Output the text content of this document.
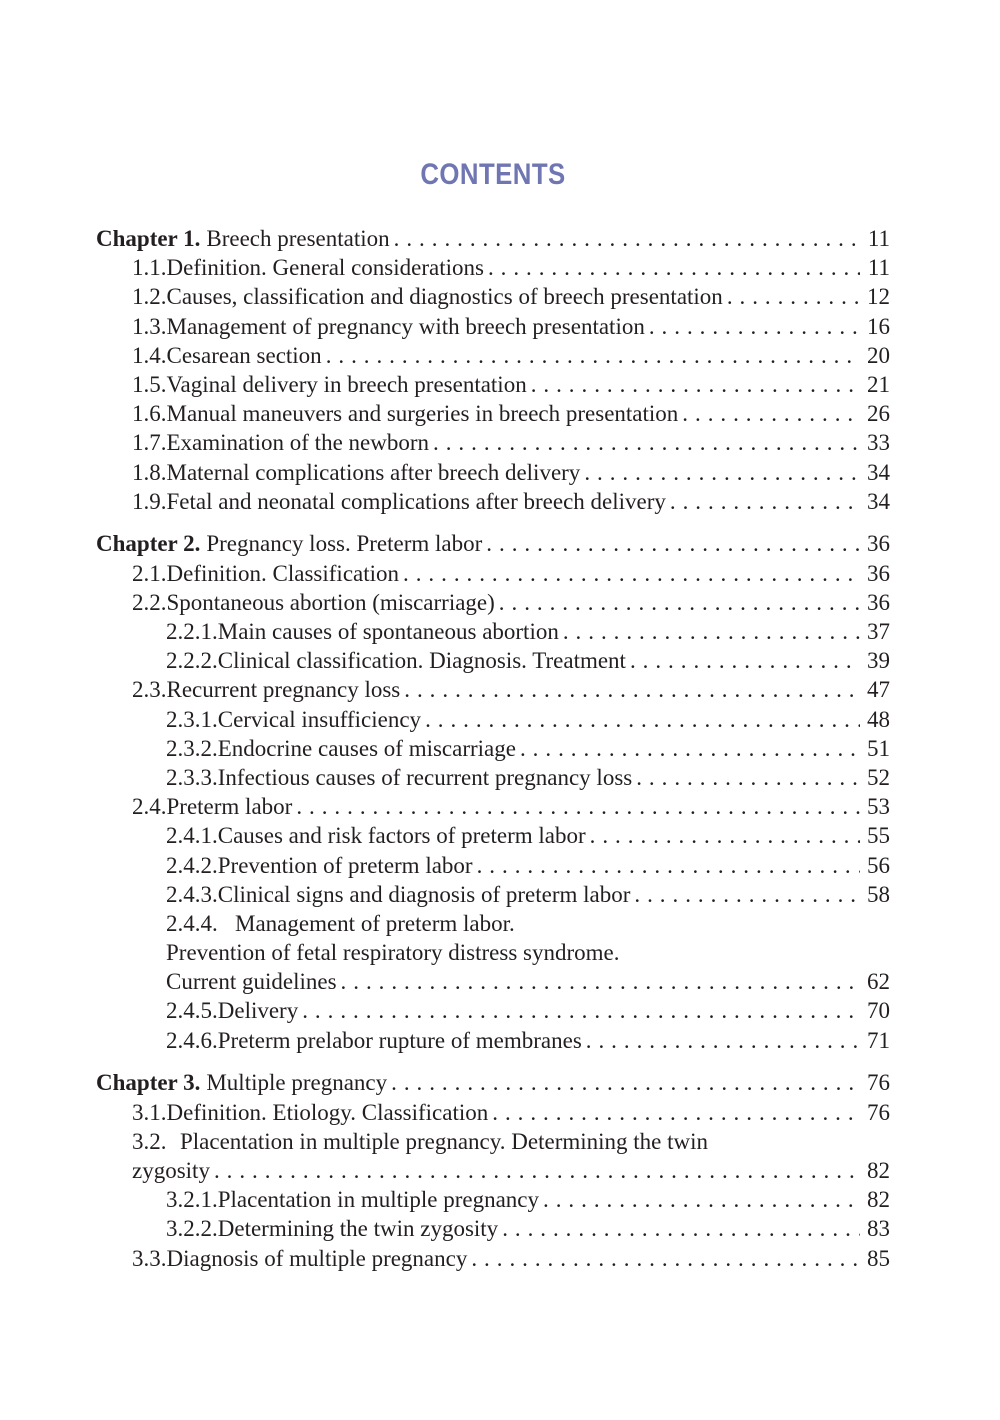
CONTENTS
Chapter 1. Breech presentation . . .	11
1.1. Definition. General considerations . . .	11
1.2. Causes, classification and diagnostics of breech presentation . . .	12
1.3. Management of pregnancy with breech presentation . . .	16
1.4. Cesarean section . . .	20
1.5. Vaginal delivery in breech presentation . . .	21
1.6. Manual maneuvers and surgeries in breech presentation . . .	26
1.7. Examination of the newborn . . .	33
1.8. Maternal complications after breech delivery . . .	34
1.9. Fetal and neonatal complications after breech delivery . . .	34
Chapter 2. Pregnancy loss. Preterm labor . . .	36
2.1. Definition. Classification . . .	36
2.2. Spontaneous abortion (miscarriage) . . .	36
2.2.1. Main causes of spontaneous abortion . . .	37
2.2.2. Clinical classification. Diagnosis. Treatment . . .	39
2.3. Recurrent pregnancy loss . . .	47
2.3.1. Cervical insufficiency . . .	48
2.3.2. Endocrine causes of miscarriage . . .	51
2.3.3. Infectious causes of recurrent pregnancy loss . . .	52
2.4. Preterm labor . . .	53
2.4.1. Causes and risk factors of preterm labor . . .	55
2.4.2. Prevention of preterm labor . . .	56
2.4.3. Clinical signs and diagnosis of preterm labor . . .	58
2.4.4. Management of preterm labor.
Prevention of fetal respiratory distress syndrome.
Current guidelines . . .	62
2.4.5. Delivery . . .	70
2.4.6. Preterm prelabor rupture of membranes . . .	71
Chapter 3. Multiple pregnancy . . .	76
3.1. Definition. Etiology. Classification . . .	76
3.2. Placentation in multiple pregnancy. Determining the twin
zygosity . . .	82
3.2.1. Placentation in multiple pregnancy . . .	82
3.2.2. Determining the twin zygosity . . .	83
3.3. Diagnosis of multiple pregnancy . . .	85
